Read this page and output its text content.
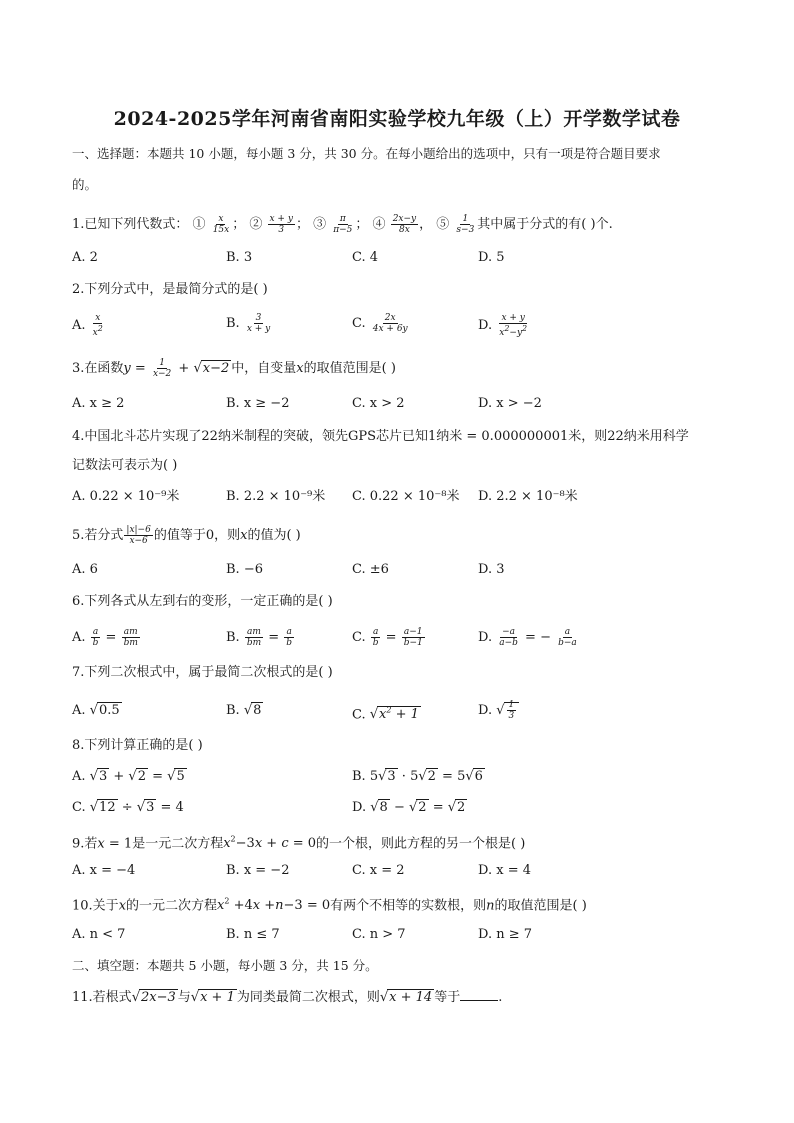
2024-2025学年河南省南阳实验学校九年级（上）开学数学试卷
一、选择题：本题共 10 小题，每小题 3 分，共 30 分。在每小题给出的选项中，只有一项是符合题目要求
的。
1.已知下列代数式： ① $\frac{x}{15x}$ ； ② $\frac{x + y}{3}$ ； ③ $\frac{\pi}{\pi-5}$ ； ④ $\frac{2x-y}{8x}$ ， ⑤ $\frac{1}{s-3}$ 其中属于分式的有( )个.
A. 2	B. 3	C. 4	D. 5
2.下列分式中，是最简分式的是( )
A. $\frac{x}{x^2}$	B. $\frac{3}{x + y}$	C. $\frac{2x}{4x + 6y}$	D. $\frac{x + y}{x^2-y^2}$
3.在函数$y = \frac{1}{x-2} + √x-2$ 中，自变量x的取值范围是( )
A. x ≥ 2	B. x ≥ −2	C. x > 2	D. x > −2
4.中国北斗芯片实现了22纳米制程的突破，领先GPS芯片已知1纳米 = 0.000000001米，则22纳米用科学
记数法可表示为( )
A. 0.22 × 10⁻⁹米	B. 2.2 × 10⁻⁹米 C. 0.22 × 10⁻⁸米 D. 2.2 × 10⁻⁸米
5.若分式 $\frac{|x|-6}{x-6}$ 的值等于0，则x的值为( )
A. 6	B. −6	C. ±6	D. 3
6.下列各式从左到右的变形，一定正确的是( )
A. $\frac{a}{b} = \frac{am}{bm}$	B. $\frac{am}{bm} = \frac{a}{b}$	C. $\frac{a}{b} = \frac{a-1}{b-1}$	D. $\frac{-a}{a-b}$ = − $\frac{a}{b-a}$
7.下列二次根式中，属于最简二次根式的是( )
A. √0.5	B. √8	C. $√x^2 + 1$	D. √ $\frac{1}{3}$
8.下列计算正确的是( )
A. √3 + √2 = √5	B. 5√3 · 5√2 = 5√6
C. √12 ÷ √3 = 4	D. √8 − √2 = √2
9.若x = 1是一元二次方程$x^2-3x + c = 0$的一个根，则此方程的另一个根是( )
A. x = −4	B. x = −2	C. x = 2	D. x = 4
10.关于x的一元二次方程$x^2 +4x +n-3 = 0$有两个不相等的实数根，则n的取值范围是( )
A. n < 7	B. n ≤ 7	C. n > 7	D. n ≥ 7
二、填空题：本题共 5 小题，每小题 3 分，共 15 分。
11.若根式√2x−3 与√x + 1 为同类最简二次根式，则√x + 14 等于	.
